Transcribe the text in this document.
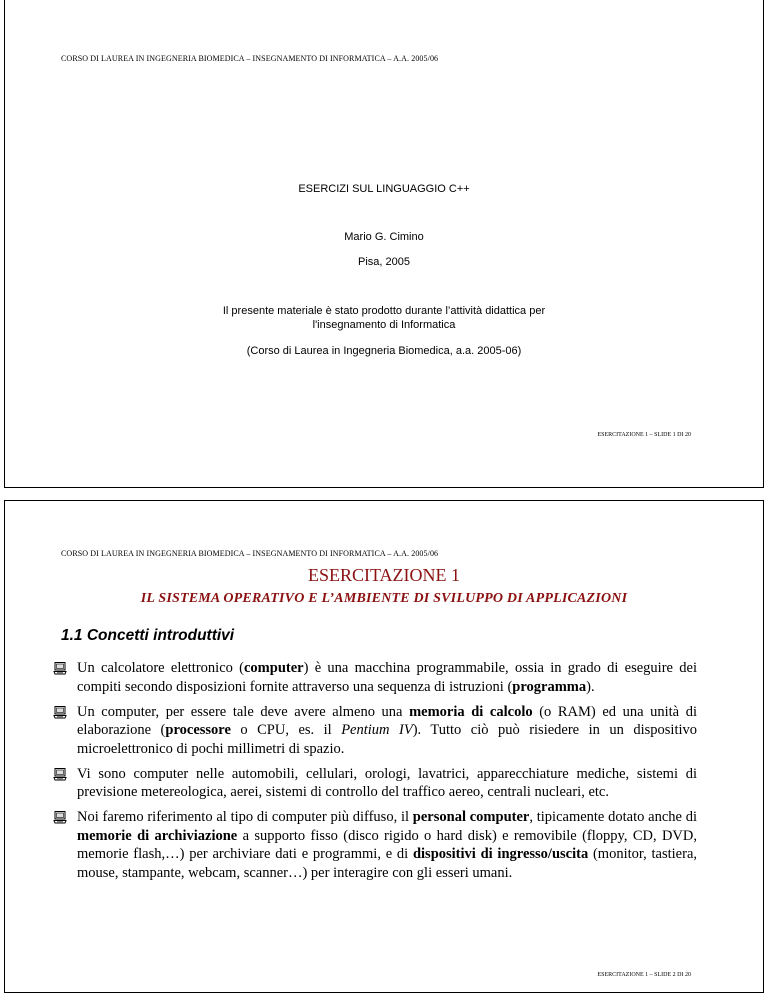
CORSO DI LAUREA IN INGEGNERIA BIOMEDICA – INSEGNAMENTO DI INFORMATICA – A.A. 2005/06
ESERCIZI SUL LINGUAGGIO C++
Mario G. Cimino
Pisa, 2005
Il presente materiale è stato prodotto durante l’attività didattica per
l'insegnamento di Informatica
(Corso di Laurea in Ingegneria Biomedica, a.a. 2005-06)
ESERCITAZIONE 1 – SLIDE 1 DI 20
CORSO DI LAUREA IN INGEGNERIA BIOMEDICA – INSEGNAMENTO DI INFORMATICA – A.A. 2005/06
ESERCITAZIONE 1
IL SISTEMA OPERATIVO E L’AMBIENTE DI SVILUPPO DI APPLICAZIONI
1.1 Concetti introduttivi
Un calcolatore elettronico (computer) è una macchina programmabile, ossia in grado di eseguire dei compiti secondo disposizioni fornite attraverso una sequenza di istruzioni (programma).
Un computer, per essere tale deve avere almeno una memoria di calcolo (o RAM) ed una unità di elaborazione (processore o CPU, es. il Pentium IV). Tutto ciò può risiedere in un dispositivo microelettronico di pochi millimetri di spazio.
Vi sono computer nelle automobili, cellulari, orologi, lavatrici, apparecchiature mediche, sistemi di previsione metereologica, aerei, sistemi di controllo del traffico aereo, centrali nucleari, etc.
Noi faremo riferimento al tipo di computer più diffuso, il personal computer, tipicamente dotato anche di memorie di archiviazione a supporto fisso (disco rigido o hard disk) e removibile (floppy, CD, DVD, memorie flash,…) per archiviare dati e programmi, e di dispositivi di ingresso/uscita (monitor, tastiera, mouse, stampante, webcam, scanner…) per interagire con gli esseri umani.
ESERCITAZIONE 1 – SLIDE 2 DI 20
